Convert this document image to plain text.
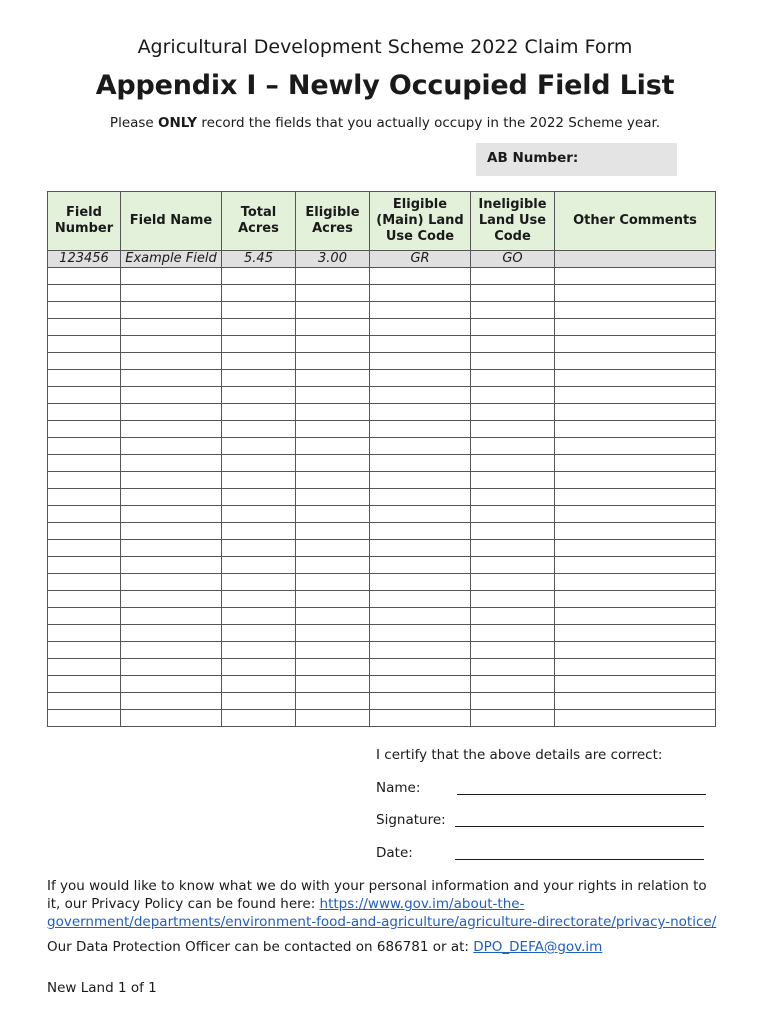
Agricultural Development Scheme 2022 Claim Form
Appendix I – Newly Occupied Field List
Please ONLY record the fields that you actually occupy in the 2022 Scheme year.
AB Number:
Field Number	Field Name	Total Acres	Eligible Acres	Eligible (Main) Land Use Code	Ineligible Land Use Code	Other Comments
123456	Example Field	5.45	3.00	GR	GO	

I certify that the above details are correct:
Name:
Signature:
Date:
If you would like to know what we do with your personal information and your rights in relation to it, our Privacy Policy can be found here: https://www.gov.im/about-the-government/departments/environment-food-and-agriculture/agriculture-directorate/privacy-notice/
Our Data Protection Officer can be contacted on 686781 or at: DPO_DEFA@gov.im
New Land 1 of 1
